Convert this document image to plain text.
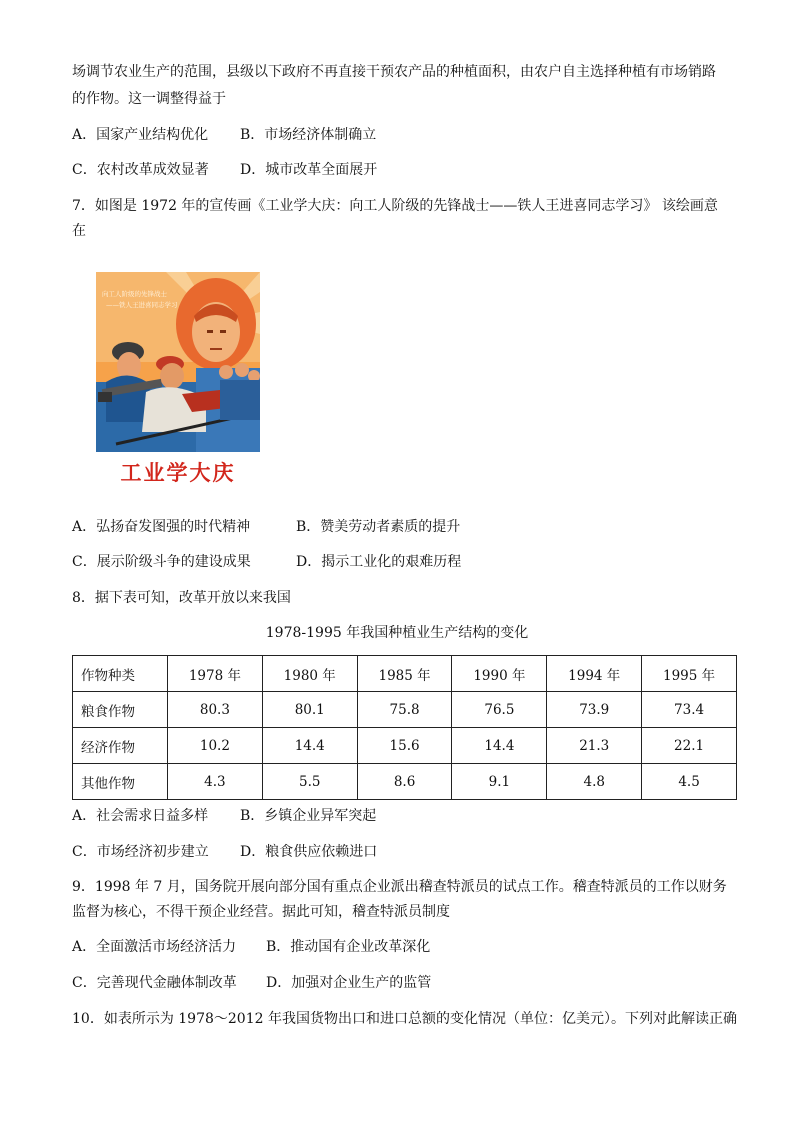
场调节农业生产的范围，县级以下政府不再直接干预农产品的种植面积，由农户自主选择种植有市场销路
的作物。这一调整得益于
A．国家产业结构优化 B．市场经济体制确立
C．农村改革成效显著 D．城市改革全面展开
7．如图是 1972 年的宣传画《工业学大庆：向工人阶级的先锋战士——铁人王进喜同志学习》 该绘画意
在
向工人阶级的先锋战士
——铁人王进喜同志学习
工业学大庆
A．弘扬奋发图强的时代精神	B．赞美劳动者素质的提升
C．展示阶级斗争的建设成果	D．揭示工业化的艰难历程
8．据下表可知，改革开放以来我国
1978-1995 年我国种植业生产结构的变化
作物种类	1978 年	1980 年	1985 年	1990 年	1994 年	1995 年
粮食作物	80.3	80.1	75.8	76.5	73.9	73.4
经济作物	10.2	14.4	15.6	14.4	21.3	22.1
其他作物	4.3	5.5	8.6	9.1	4.8	4.5
A．社会需求日益多样 B．乡镇企业异军突起
C．市场经济初步建立 D．粮食供应依赖进口
9．1998 年 7 月，国务院开展向部分国有重点企业派出稽查特派员的试点工作。稽查特派员的工作以财务
监督为核心，不得干预企业经营。据此可知，稽查特派员制度
A．全面激活市场经济活力 B．推动国有企业改革深化
C．完善现代金融体制改革 D．加强对企业生产的监管
10．如表所示为 1978～2012 年我国货物出口和进口总额的变化情况（单位：亿美元）。下列对此解读正确
